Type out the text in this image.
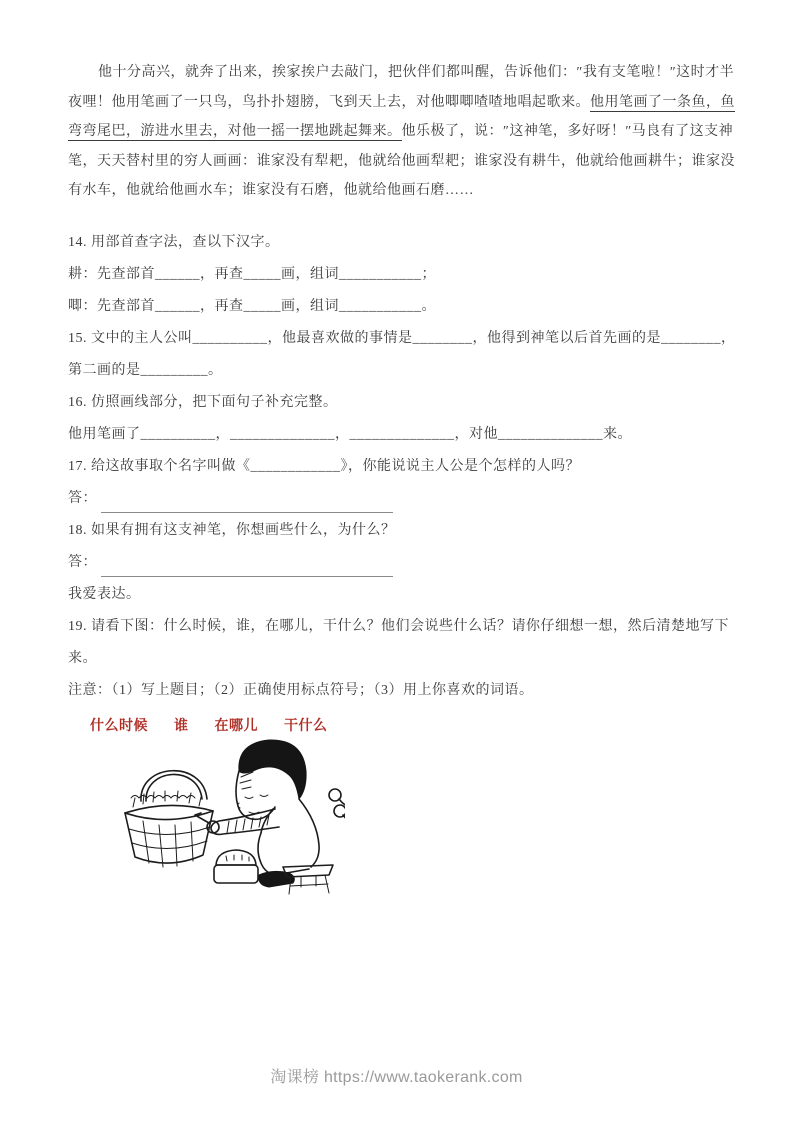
他十分高兴，就奔了出来，挨家挨户去敲门，把伙伴们都叫醒，告诉他们：″我有支笔啦！″这时才半
夜哩！他用笔画了一只鸟，鸟扑扑翅膀，飞到天上去，对他唧唧喳喳地唱起歌来。他用笔画了一条鱼，鱼
弯弯尾巴，游进水里去，对他一摇一摆地跳起舞来。他乐极了，说：″这神笔，多好呀！″马良有了这支神
笔，天天替村里的穷人画画：谁家没有犁耙，他就给他画犁耙；谁家没有耕牛，他就给他画耕牛；谁家没
有水车，他就给他画水车；谁家没有石磨，他就给他画石磨……
14. 用部首查字法，查以下汉字。
耕：先查部首______，再查_____画，组词___________；
唧：先查部首______，再查_____画，组词___________。
15. 文中的主人公叫__________，他最喜欢做的事情是________，他得到神笔以后首先画的是________，
第二画的是_________。
16. 仿照画线部分，把下面句子补充完整。
他用笔画了__________，______________，______________，对他______________来。
17. 给这故事取个名字叫做《____________》，你能说说主人公是个怎样的人吗？
答：
18. 如果有拥有这支神笔，你想画些什么，为什么？
答：
我爱表达。
19. 请看下图：什么时候，谁，在哪儿，干什么？他们会说些什么话？请你仔细想一想，然后清楚地写下
来。
注意：（1）写上题目；（2）正确使用标点符号；（3）用上你喜欢的词语。
什么时候 谁 在哪儿 干什么
淘课榜 https://www.taokerank.com
